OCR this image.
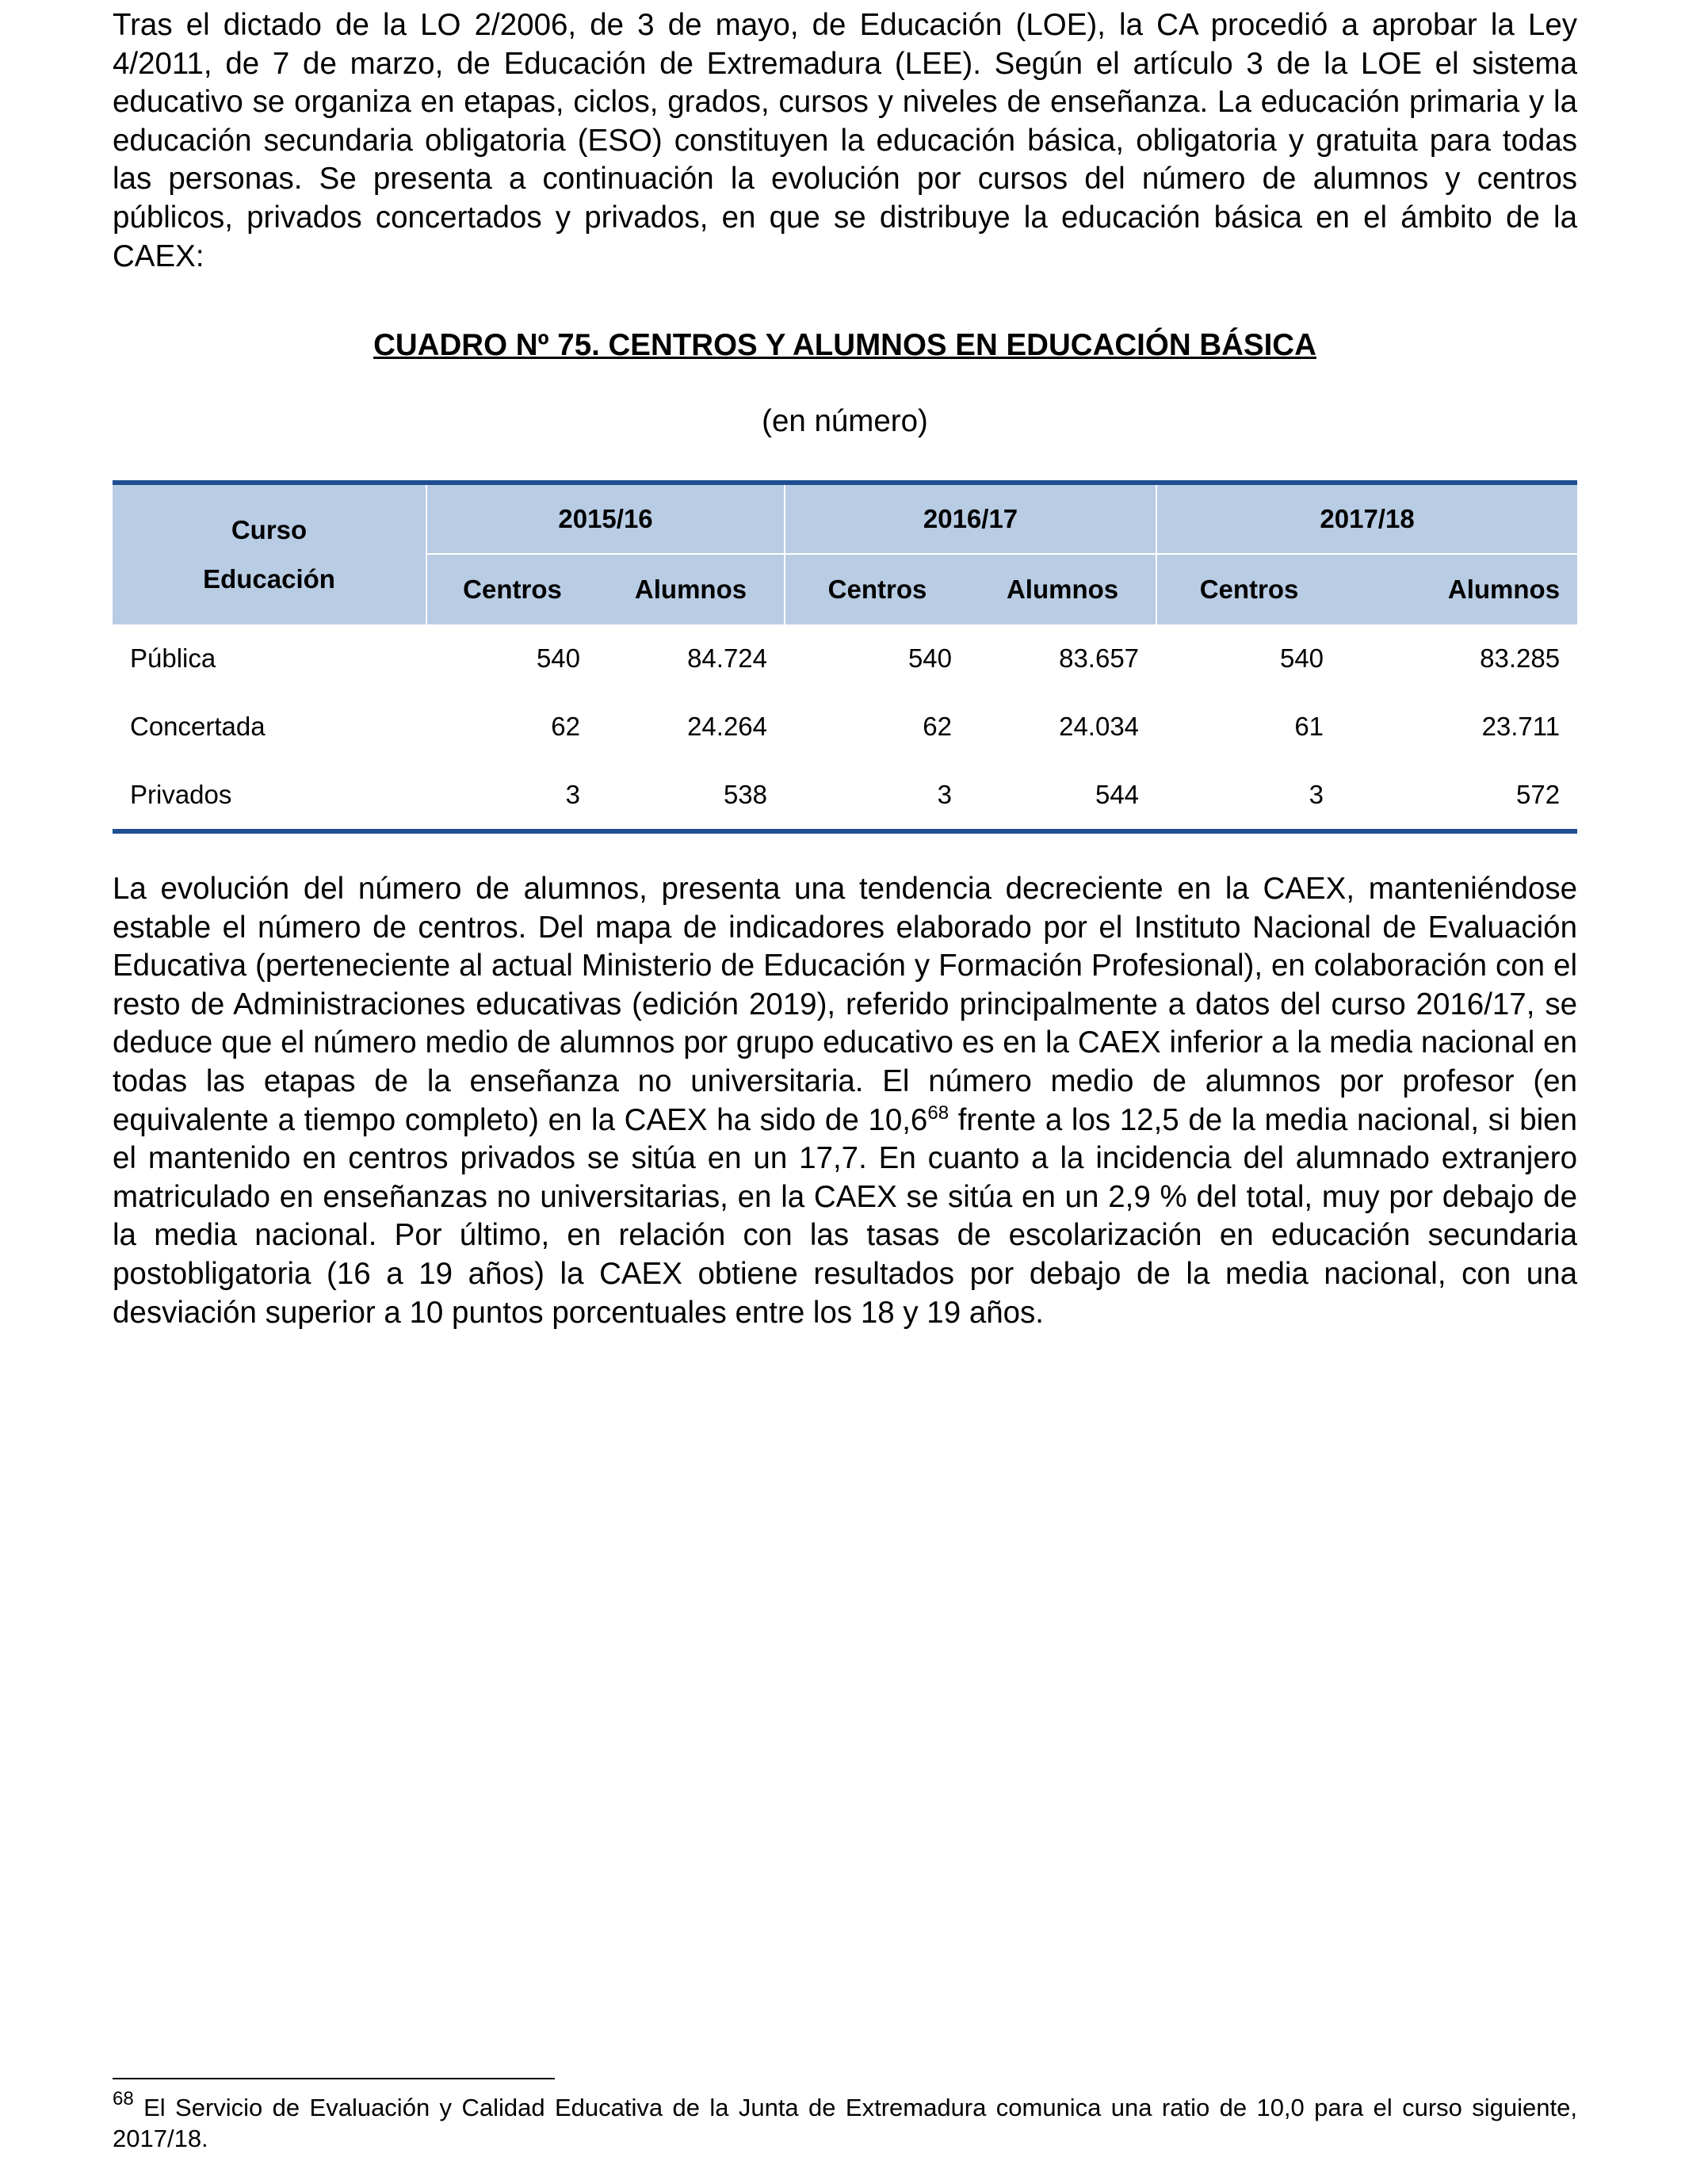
Tras el dictado de la LO 2/2006, de 3 de mayo, de Educación (LOE), la CA procedió a aprobar la Ley 4/2011, de 7 de marzo, de Educación de Extremadura (LEE). Según el artículo 3 de la LOE el sistema educativo se organiza en etapas, ciclos, grados, cursos y niveles de enseñanza. La educación primaria y la educación secundaria obligatoria (ESO) constituyen la educación básica, obligatoria y gratuita para todas las personas. Se presenta a continuación la evolución por cursos del número de alumnos y centros públicos, privados concertados y privados, en que se distribuye la educación básica en el ámbito de la CAEX:

CUADRO Nº 75. CENTROS Y ALUMNOS EN EDUCACIÓN BÁSICA
(en número)
Curso
Educación	2015/16		2016/17		2017/18	
	Centros	Alumnos	Centros	Alumnos	Centros	Alumnos
Pública	540	84.724	540	83.657	540	83.285
Concertada	62	24.264	62	24.034	61	23.711
Privados	3	538	3	544	3	572

La evolución del número de alumnos, presenta una tendencia decreciente en la CAEX, manteniéndose estable el número de centros. Del mapa de indicadores elaborado por el Instituto Nacional de Evaluación Educativa (perteneciente al actual Ministerio de Educación y Formación Profesional), en colaboración con el resto de Administraciones educativas (edición 2019), referido principalmente a datos del curso 2016/17, se deduce que el número medio de alumnos por grupo educativo es en la CAEX inferior a la media nacional en todas las etapas de la enseñanza no universitaria. El número medio de alumnos por profesor (en equivalente a tiempo completo) en la CAEX ha sido de 10,6$^{68}$ frente a los 12,5 de la media nacional, si bien el mantenido en centros privados se sitúa en un 17,7. En cuanto a la incidencia del alumnado extranjero matriculado en enseñanzas no universitarias, en la CAEX se sitúa en un 2,9 % del total, muy por debajo de la media nacional. Por último, en relación con las tasas de escolarización en educación secundaria postobligatoria (16 a 19 años) la CAEX obtiene resultados por debajo de la media nacional, con una desviación superior a 10 puntos porcentuales entre los 18 y 19 años.

$^{68}$ El Servicio de Evaluación y Calidad Educativa de la Junta de Extremadura comunica una ratio de 10,0 para el curso siguiente, 2017/18.
